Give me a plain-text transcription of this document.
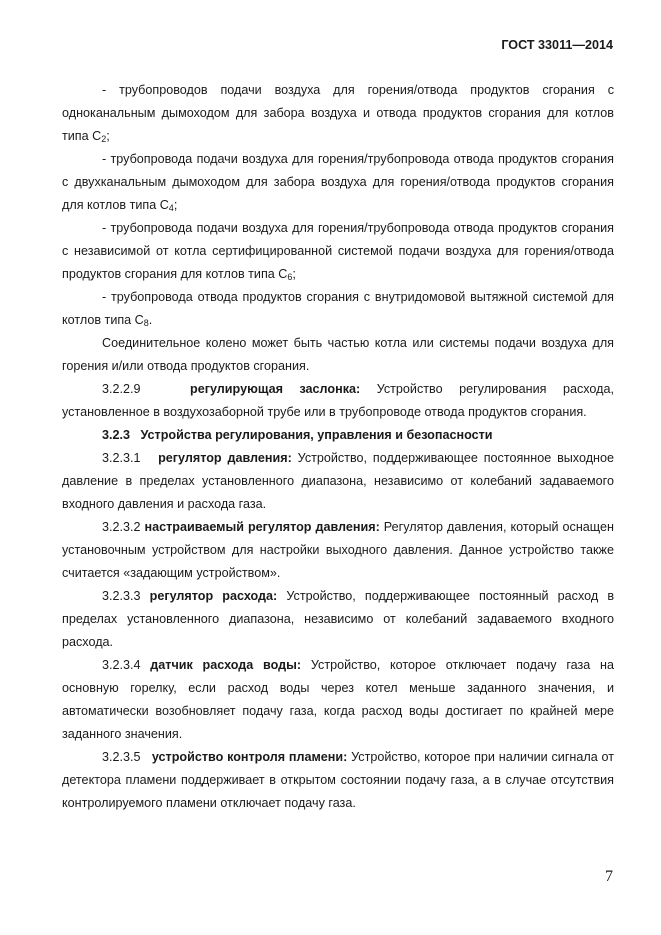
ГОСТ 33011—2014

- трубопроводов подачи воздуха для горения/отвода продуктов сгорания с одноканальным дымоходом для забора воздуха и отвода продуктов сгорания для котлов типа $С_2$;

- трубопровода подачи воздуха для горения/трубопровода отвода продуктов сгорания с двухканальным дымоходом для забора воздуха для горения/отвода продуктов сгорания для котлов типа $С_4$;

- трубопровода подачи воздуха для горения/трубопровода отвода продуктов сгорания с независимой от котла сертифицированной системой подачи воздуха для горения/отвода продуктов сгорания для котлов типа $С_6$;

- трубопровода отвода продуктов сгорания с внутридомовой вытяжной системой для котлов типа $С_8$.

Соединительное колено может быть частью котла или системы подачи воздуха для горения и/или отвода продуктов сгорания.

3.2.2.9	регулирующая заслонка: Устройство регулирования расхода, установленное в воздухозаборной трубе или в трубопроводе отвода продуктов сгорания.

3.2.3 Устройства регулирования, управления и безопасности

3.2.3.1 регулятор давления: Устройство, поддерживающее постоянное выходное давление в пределах установленного диапазона, независимо от колебаний задаваемого входного давления и расхода газа.

3.2.3.2 настраиваемый регулятор давления: Регулятор давления, который оснащен установочным устройством для настройки выходного давления. Данное устройство также считается «задающим устройством».

3.2.3.3 регулятор расхода: Устройство, поддерживающее постоянный расход в пределах установленного диапазона, независимо от колебаний задаваемого входного расхода.

3.2.3.4 датчик расхода воды: Устройство, которое отключает подачу газа на основную горелку, если расход воды через котел меньше заданного значения, и автоматически возобновляет подачу газа, когда расход воды достигает по крайней мере заданного значения.

3.2.3.5 устройство контроля пламени: Устройство, которое при наличии сигнала от детектора пламени поддерживает в открытом состоянии подачу газа, а в случае отсутствия контролируемого пламени отключает подачу газа.

7
